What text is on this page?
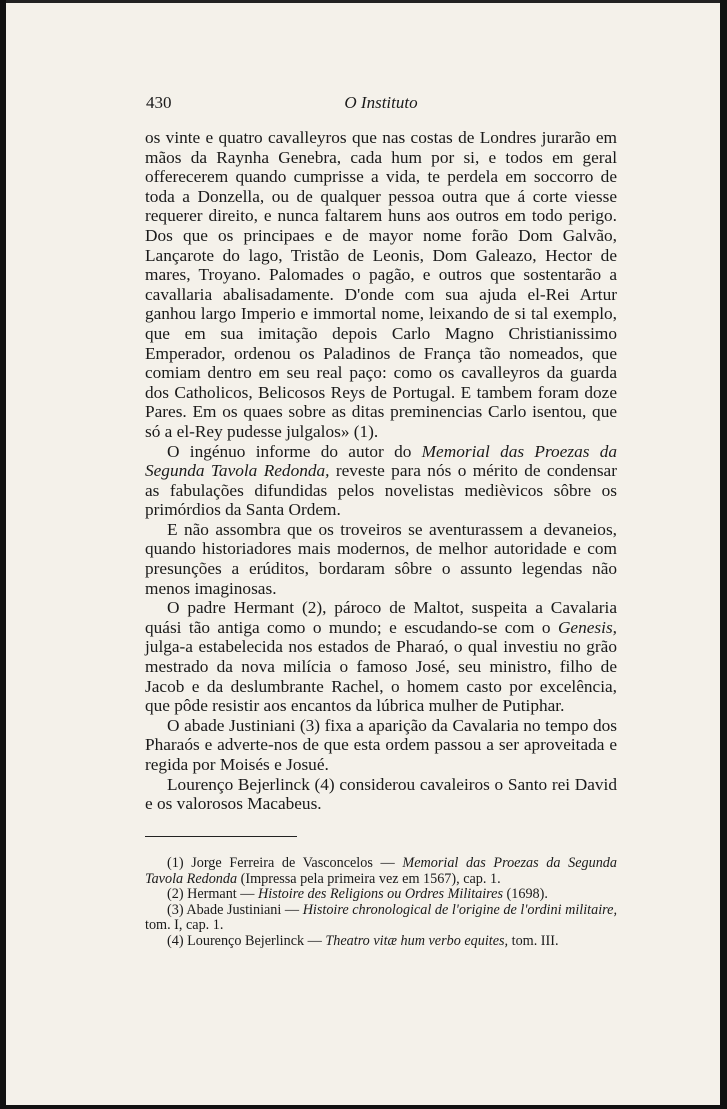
430	O Instituto

os vinte e quatro cavalleyros que nas costas de Londres jurarão em mãos da Raynha Genebra, cada hum por si, e todos em geral offerecerem quando cumprisse a vida, te perdela em soccorro de toda a Donzella, ou de qualquer pessoa outra que á corte viesse requerer direito, e nunca faltarem huns aos outros em todo perigo. Dos que os principaes e de mayor nome forão Dom Galvão, Lançarote do lago, Tristão de Leonis, Dom Galeazo, Hector de mares, Troyano. Palomades o pagão, e outros que sostentarão a cavallaria abalisadamente. D'onde com sua ajuda el-Rei Artur ganhou largo Imperio e immortal nome, leixando de si tal exemplo, que em sua imitação depois Carlo Magno Christianissimo Emperador, ordenou os Paladinos de França tão nomeados, que comiam dentro em seu real paço: como os cavalleyros da guarda dos Catholicos, Belicosos Reys de Portugal. E tambem foram doze Pares. Em os quaes sobre as ditas preminencias Carlo isentou, que só a el-Rey pudesse julgalos» (1).

O ingénuo informe do autor do Memorial das Proezas da Segunda Tavola Redonda, reveste para nós o mérito de condensar as fabulações difundidas pelos novelistas medièvicos sôbre os primórdios da Santa Ordem.

E não assombra que os troveiros se aventurassem a devaneios, quando historiadores mais modernos, de melhor autoridade e com presunções a erúditos, bordaram sôbre o assunto legendas não menos imaginosas.

O padre Hermant (2), pároco de Maltot, suspeita a Cavalaria quási tão antiga como o mundo; e escudando-se com o Genesis, julga-a estabelecida nos estados de Pharaó, o qual investiu no grão mestrado da nova milícia o famoso José, seu ministro, filho de Jacob e da deslumbrante Rachel, o homem casto por excelência, que pôde resistir aos encantos da lúbrica mulher de Putiphar.

O abade Justiniani (3) fixa a aparição da Cavalaria no tempo dos Pharaós e adverte-nos de que esta ordem passou a ser aproveitada e regida por Moisés e Josué.

Lourenço Bejerlinck (4) considerou cavaleiros o Santo rei David e os valorosos Macabeus.

(1) Jorge Ferreira de Vasconcelos — Memorial das Proezas da Segunda Tavola Redonda (Impressa pela primeira vez em 1567), cap. 1.

(2) Hermant — Histoire des Religions ou Ordres Militaires (1698).

(3) Abade Justiniani — Histoire chronological de l'origine de l'ordini militaire, tom. I, cap. 1.

(4) Lourenço Bejerlinck — Theatro vitæ hum verbo equites, tom. III.
